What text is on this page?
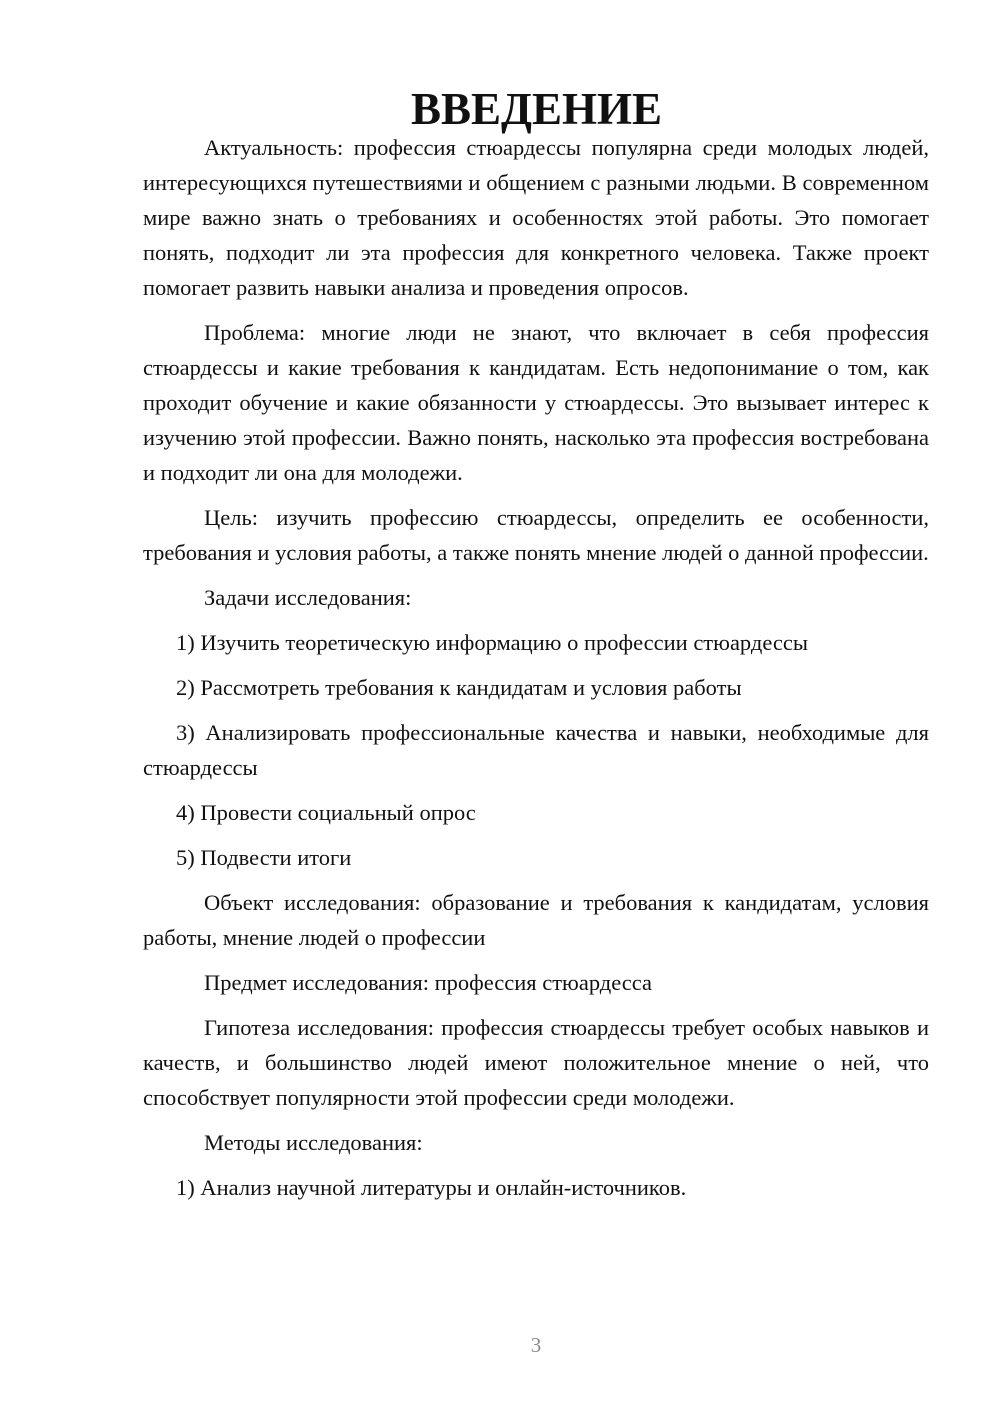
ВВЕДЕНИЕ

Актуальность: профессия стюардессы популярна среди молодых людей, интересующихся путешествиями и общением с разными людьми. В современном мире важно знать о требованиях и особенностях этой работы. Это помогает понять, подходит ли эта профессия для конкретного человека. Также проект помогает развить навыки анализа и проведения опросов.

Проблема: многие люди не знают, что включает в себя профессия стюардессы и какие требования к кандидатам. Есть недопонимание о том, как проходит обучение и какие обязанности у стюардессы. Это вызывает интерес к изучению этой профессии. Важно понять, насколько эта профессия востребована и подходит ли она для молодежи.

Цель: изучить профессию стюардессы, определить ее особенности, требования и условия работы, а также понять мнение людей о данной профессии.

Задачи исследования:

1) Изучить теоретическую информацию о профессии стюардессы

2) Рассмотреть требования к кандидатам и условия работы

3) Анализировать профессиональные качества и навыки, необходимые для стюардессы

4) Провести социальный опрос

5) Подвести итоги

Объект исследования: образование и требования к кандидатам, условия работы, мнение людей о профессии

Предмет исследования: профессия стюардесса

Гипотеза исследования: профессия стюардессы требует особых навыков и качеств, и большинство людей имеют положительное мнение о ней, что способствует популярности этой профессии среди молодежи.

Методы исследования:

1) Анализ научной литературы и онлайн-источников.

3
